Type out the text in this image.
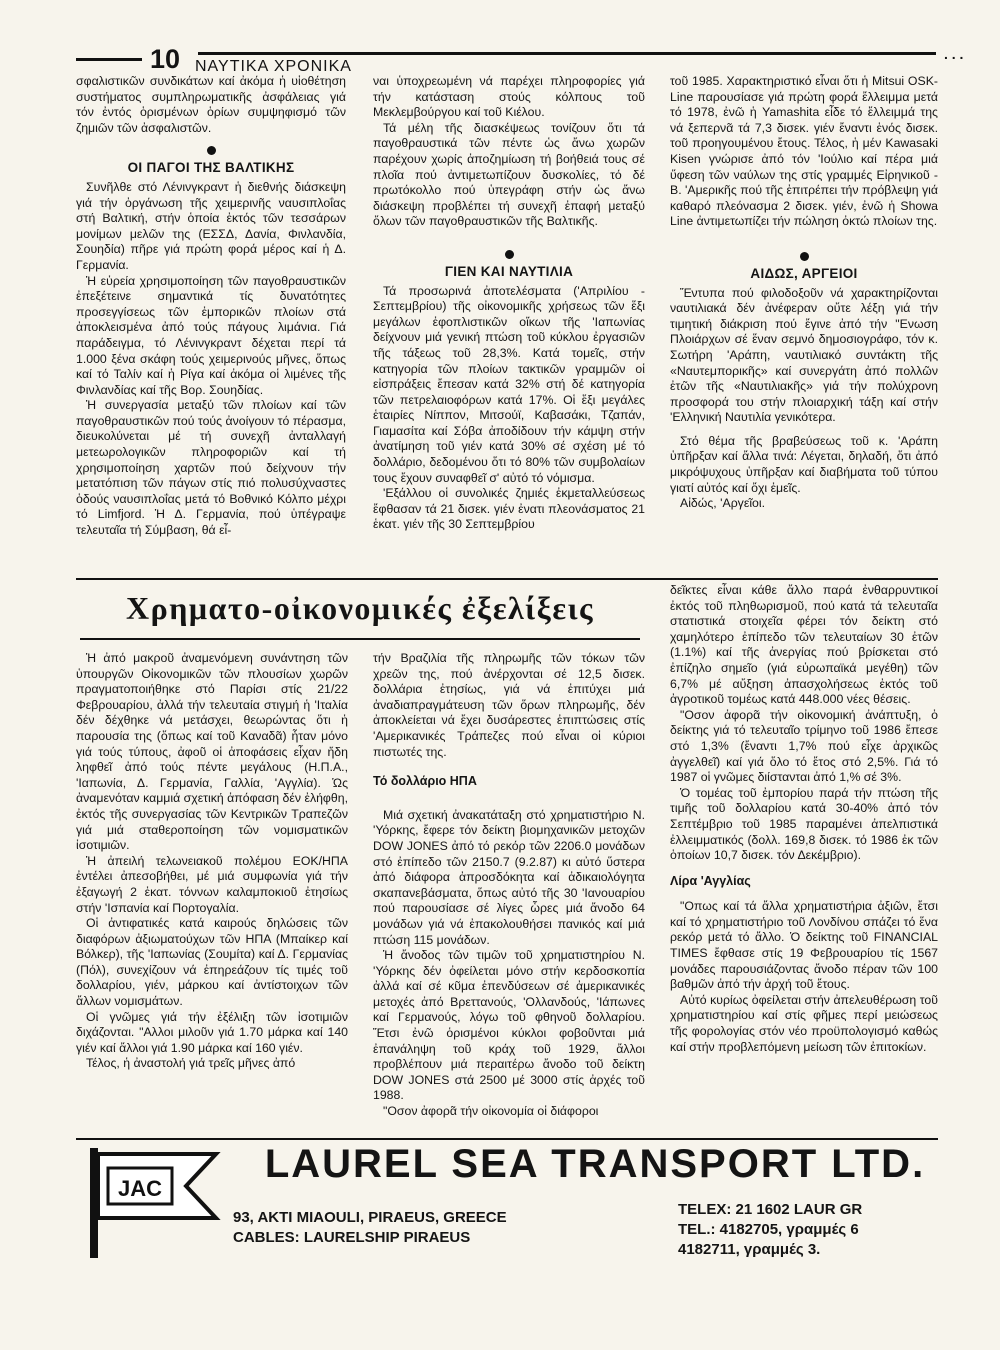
10 ΝΑΥΤΙΚΑ ΧΡΟΝΙΚΑ
. . .

σφαλιστικῶν συνδικάτων καί ἀκόμα ἡ υἱοθέτηση συστήματος συμπληρωματικῆς ἀσφάλειας γιά τόν ἐντός ὁρισμένων ὁρίων συμψηφισμό τῶν ζημιῶν τῶν ἀσφαλιστῶν.

ΟΙ ΠΑΓΟΙ ΤΗΣ ΒΑΛΤΙΚΗΣ

Συνῆλθε στό Λένινγκραντ ἡ διεθνής διάσκεψη γιά τήν ὀργάνωση τῆς χειμερινῆς ναυσιπλοΐας στή Βαλτική, στήν ὁποία ἐκτός τῶν τεσσάρων μονίμων μελῶν της (ΕΣΣΔ, Δανία, Φινλανδία, Σουηδία) πῆρε γιά πρώτη φορά μέρος καί ἡ Δ. Γερμανία.

Ἡ εὐρεία χρησιμοποίηση τῶν παγοθραυστικῶν ἐπεξέτεινε σημαντικά τίς δυνατότητες προσεγγίσεως τῶν ἐμπορικῶν πλοίων στά ἀποκλεισμένα ἀπό τούς πάγους λιμάνια. Γιά παράδειγμα, τό Λένινγκραντ δέχεται περί τά 1.000 ξένα σκάφη τούς χειμερινούς μῆνες, ὅπως καί τό Ταλίν καί ἡ Ρίγα καί ἀκόμα οἱ λιμένες τῆς Φινλανδίας καί τῆς Βορ. Σουηδίας.

Ἡ συνεργασία μεταξύ τῶν πλοίων καί τῶν παγοθραυστικῶν πού τούς ἀνοίγουν τό πέρασμα, διευκολύνεται μέ τή συνεχῆ ἀνταλλαγή μετεωρολογικῶν πληροφοριῶν καί τή χρησιμοποίηση χαρτῶν πού δείχνουν τήν μετατόπιση τῶν πάγων στίς πιό πολυσύχναστες ὁδούς ναυσιπλοΐας μετά τό Βοθνικό Κόλπο μέχρι τό Limfjord. Ἡ Δ. Γερμανία, πού ὑπέγραψε τελευταῖα τή Σύμβαση, θά εἶ-

ναι ὑποχρεωμένη νά παρέχει πληροφορίες γιά τήν κατάσταση στούς κόλπους τοῦ Μεκλεμβούργου καί τοῦ Κιέλου.

Τά μέλη τῆς διασκέψεως τονίζουν ὅτι τά παγοθραυστικά τῶν πέντε ὡς ἄνω χωρῶν παρέχουν χωρίς ἀποζημίωση τή βοήθειά τους σέ πλοῖα πού ἀντιμετωπίζουν δυσκολίες, τό δέ πρωτόκολλο πού ὑπεγράφη στήν ὡς ἄνω διάσκεψη προβλέπει τή συνεχῆ ἐπαφή μεταξύ ὅλων τῶν παγοθραυστικῶν τῆς Βαλτικῆς.

ΓΙΕΝ ΚΑΙ ΝΑΥΤΙΛΙΑ

Τά προσωρινά ἀποτελέσματα ('Απριλίου - Σεπτεμβρίου) τῆς οἰκονομικῆς χρήσεως τῶν ἕξι μεγάλων ἐφοπλιστικῶν οἴκων τῆς 'Ιαπωνίας δείχνουν μιά γενική πτώση τοῦ κύκλου ἐργασιῶν τῆς τάξεως τοῦ 28,3%. Κατά τομεῖς, στήν κατηγορία τῶν πλοίων τακτικῶν γραμμῶν οἱ εἰσπράξεις ἔπεσαν κατά 32% στή δέ κατηγορία τῶν πετρελαιοφόρων κατά 17%. Οἱ ἕξι μεγάλες ἑταιρίες Νίππον, Μιτσούϊ, Καβασάκι, Τζαπάν, Γιαμασίτα καί Σόβα ἀποδίδουν τήν κάμψη στήν ἀνατίμηση τοῦ γιέν κατά 30% σέ σχέση μέ τό δολλάριο, δεδομένου ὅτι τό 80% τῶν συμβολαίων τους ἔχουν συναφθεῖ σ' αὐτό τό νόμισμα.

'Εξάλλου οἱ συνολικές ζημιές ἐκμεταλλεύσεως ἔφθασαν τά 21 δισεκ. γιέν ἐνατι πλεονάσματος 21 ἑκατ. γιέν τῆς 30 Σεπτεμβρίου

τοῦ 1985. Χαρακτηριστικό εἶναι ὅτι ἡ Mitsui OSK-Line παρουσίασε γιά πρώτη φορά ἔλλειμμα μετά τό 1978, ἐνῶ ἡ Yamashita εἶδε τό ἔλλειμμά της νά ξεπερνᾶ τά 7,3 δισεκ. γιέν ἔναντι ἑνός δισεκ. τοῦ προηγουμένου ἔτους. Τέλος, ἡ μέν Kawasaki Kisen γνώρισε ἀπό τόν 'Ιούλιο καί πέρα μιά ὕφεση τῶν ναύλων της στίς γραμμές Εἰρηνικοῦ - Β. 'Αμερικῆς πού τῆς ἐπιτρέπει τήν πρόβλεψη γιά καθαρό πλεόνασμα 2 δισεκ. γιέν, ἐνῶ ἡ Showa Line ἀντιμετωπίζει τήν πώληση ὀκτώ πλοίων της.

ΑΙΔΩΣ, ΑΡΓΕΙΟΙ

Ἔντυπα πού φιλοδοξοῦν νά χαρακτηρίζονται ναυτιλιακά δέν ἀνέφεραν οὔτε λέξη γιά τήν τιμητική διάκριση πού ἔγινε ἀπό τήν "Ενωση Πλοιάρχων σέ ἕναν σεμνό δημοσιογράφο, τόν κ. Σωτήρη 'Αράπη, ναυτιλιακό συντάκτη τῆς «Ναυτεμπορικῆς» καί συνεργάτη ἀπό πολλῶν ἐτῶν τῆς «Ναυτιλιακῆς» γιά τήν πολύχρονη προσφορά του στήν πλοιαρχική τάξη καί στήν 'Ελληνική Ναυτιλία γενικότερα.

Στό θέμα τῆς βραβεύσεως τοῦ κ. 'Αράπη ὑπῆρξαν καί ἄλλα τινά: Λέγεται, δηλαδή, ὅτι ἀπό μικρόψυχους ὑπῆρξαν καί διαβήματα τοῦ τύπου γιατί αὐτός καί ὄχι ἐμεῖς.

Αἰδώς, 'Αργεῖοι.

Χρηματο-οἰκονομικές ἐξελίξεις

Ἡ ἀπό μακροῦ ἀναμενόμενη συνάντηση τῶν ὑπουργῶν Οἰκονομικῶν τῶν πλουσίων χωρῶν πραγματοποιήθηκε στό Παρίσι στίς 21/22 Φεβρουαρίου, ἀλλά τήν τελευταία στιγμή ἡ 'Ιταλία δέν δέχθηκε νά μετάσχει, θεωρώντας ὅτι ἡ παρουσία της (ὅπως καί τοῦ Καναδᾶ) ἦταν μόνο γιά τούς τύπους, ἀφοῦ οἱ ἀποφάσεις εἶχαν ἤδη ληφθεῖ ἀπό τούς πέντε μεγάλους (Η.Π.Α., 'Ιαπωνία, Δ. Γερμανία, Γαλλία, 'Αγγλία). Ὡς ἀναμενόταν καμμιά σχετική ἀπόφαση δέν ἐλήφθη, ἐκτός τῆς συνεργασίας τῶν Κεντρικῶν Τραπεζῶν γιά μιά σταθεροποίηση τῶν νομισματικῶν ἰσοτιμιῶν.

Ἡ ἀπειλή τελωνειακοῦ πολέμου ΕΟΚ/ΗΠΑ ἐντέλει ἀπεσοβήθει, μέ μιά συμφωνία γιά τήν ἐξαγωγή 2 ἑκατ. τόννων καλαμποκιοῦ ἐτησίως στήν 'Ισπανία καί Πορτογαλία.

Οἱ ἀντιφατικές κατά καιρούς δηλώσεις τῶν διαφόρων ἀξιωματούχων τῶν ΗΠΑ (Μπαίκερ καί Βόλκερ), τῆς 'Ιαπωνίας (Σουμίτα) καί Δ. Γερμανίας (Πόλ), συνεχίζουν νά ἐπηρεάζουν τίς τιμές τοῦ δολλαρίου, γιέν, μάρκου καί ἀντίστοιχων τῶν ἄλλων νομισμάτων.

Οἱ γνῶμες γιά τήν ἐξέλιξη τῶν ἰσοτιμιῶν διχάζονται. "Αλλοι μιλοῦν γιά 1.70 μάρκα καί 140 γιέν καί ἄλλοι γιά 1.90 μάρκα καί 160 γιέν.

Τέλος, ἡ ἀναστολή γιά τρεῖς μῆνες ἀπό

τήν Βραζιλία τῆς πληρωμῆς τῶν τόκων τῶν χρεῶν της, πού ἀνέρχονται σέ 12,5 δισεκ. δολλάρια ἐτησίως, γιά νά ἐπιτύχει μιά ἀναδιαπραγμάτευση τῶν ὅρων πληρωμῆς, δέν ἀποκλείεται νά ἔχει δυσάρεστες ἐπιπτώσεις στίς 'Αμερικανικές Τράπεζες πού εἶναι οἱ κύριοι πιστωτές της.

Τό δολλάριο ΗΠΑ

Μιά σχετική ἀνακατάταξη στό χρηματιστήριο Ν. 'Υόρκης, ἔφερε τόν δείκτη βιομηχανικῶν μετοχῶν DOW JONES ἀπό τό ρεκόρ τῶν 2206.0 μονάδων στό ἐπίπεδο τῶν 2150.7 (9.2.87) κι αὐτό ὕστερα ἀπό διάφορα ἀπροσδόκητα καί ἀδικαιολόγητα σκαπανεβάσματα, ὅπως αὐτό τῆς 30 'Ιανουαρίου πού παρουσίασε σέ λίγες ὧρες μιά ἄνοδο 64 μονάδων γιά νά ἐπακολουθήσει πανικός καί μιά πτώση 115 μονάδων.

Ἡ ἄνοδος τῶν τιμῶν τοῦ χρηματιστηρίου Ν. 'Υόρκης δέν ὀφείλεται μόνο στήν κερδοσκοπία ἀλλά καί σέ κῦμα ἐπενδύσεων σέ ἀμερικανικές μετοχές ἀπό Βρεττανούς, 'Ολλανδούς, 'Ιάπωνες καί Γερμανούς, λόγω τοῦ φθηνοῦ δολλαρίου. Ἔτσι ἐνῶ ὁρισμένοι κύκλοι φοβοῦνται μιά ἐπανάληψη τοῦ κράχ τοῦ 1929, ἄλλοι προβλέπουν μιά περαιτέρω ἄνοδο τοῦ δείκτη DOW JONES στά 2500 μέ 3000 στίς ἀρχές τοῦ 1988.

"Οσον ἀφορᾶ τήν οἰκονομία οἱ διάφοροι

δεῖκτες εἶναι κάθε ἄλλο παρά ἐνθαρρυντικοί ἐκτός τοῦ πληθωρισμοῦ, πού κατά τά τελευταῖα στατιστικά στοιχεῖα φέρει τόν δείκτη στό χαμηλότερο ἐπίπεδο τῶν τελευταίων 30 ἐτῶν (1.1%) καί τῆς ἀνεργίας πού βρίσκεται στό ἐπίζηλο σημεῖο (γιά εὐρωπαϊκά μεγέθη) τῶν 6,7% μέ αὔξηση ἀπασχολήσεως ἐκτός τοῦ ἀγροτικοῦ τομέως κατά 448.000 νέες θέσεις.

"Οσον ἀφορᾶ τήν οἰκονομική ἀνάπτυξη, ὁ δείκτης γιά τό τελευταῖο τρίμηνο τοῦ 1986 ἔπεσε στό 1,3% (ἔναντι 1,7% πού εἶχε ἀρχικῶς ἀγγελθεῖ) καί γιά ὅλο τό ἔτος στό 2,5%. Γιά τό 1987 οἱ γνῶμες διίστανται ἀπό 1,% σέ 3%.

Ὁ τομέας τοῦ ἐμπορίου παρά τήν πτώση τῆς τιμῆς τοῦ δολλαρίου κατά 30-40% ἀπό τόν Σεπτέμβριο τοῦ 1985 παραμένει ἀπελπιστικά ἐλλειμματικός (δολλ. 169,8 δισεκ. τό 1986 ἐκ τῶν ὁποίων 10,7 δισεκ. τόν Δεκέμβριο).

Λίρα 'Αγγλίας

"Οπως καί τά ἄλλα χρηματιστήρια ἀξιῶν, ἔτσι καί τό χρηματιστήριο τοῦ Λονδίνου σπάζει τό ἕνα ρεκόρ μετά τό ἄλλο. Ὁ δείκτης τοῦ FINANCIAL TIMES ἔφθασε στίς 19 Φεβρουαρίου τίς 1567 μονάδες παρουσιάζοντας ἄνοδο πέραν τῶν 100 βαθμῶν ἀπό τήν ἀρχή τοῦ ἔτους.

Αὐτό κυρίως ὀφείλεται στήν ἀπελευθέρωση τοῦ χρηματιστηρίου καί στίς φῆμες περί μειώσεως τῆς φορολογίας στόν νέο προϋπολογισμό καθώς καί στήν προβλεπόμενη μείωση τῶν ἐπιτοκίων.

JAC
LAUREL SEA TRANSPORT LTD.
93, AKTI MIAOULI, PIRAEUS, GREECE
CABLES: LAURELSHIP PIRAEUS
TELEX: 21 1602 LAUR GR
TEL.: 4182705, γραμμές 6
4182711, γραμμές 3.
